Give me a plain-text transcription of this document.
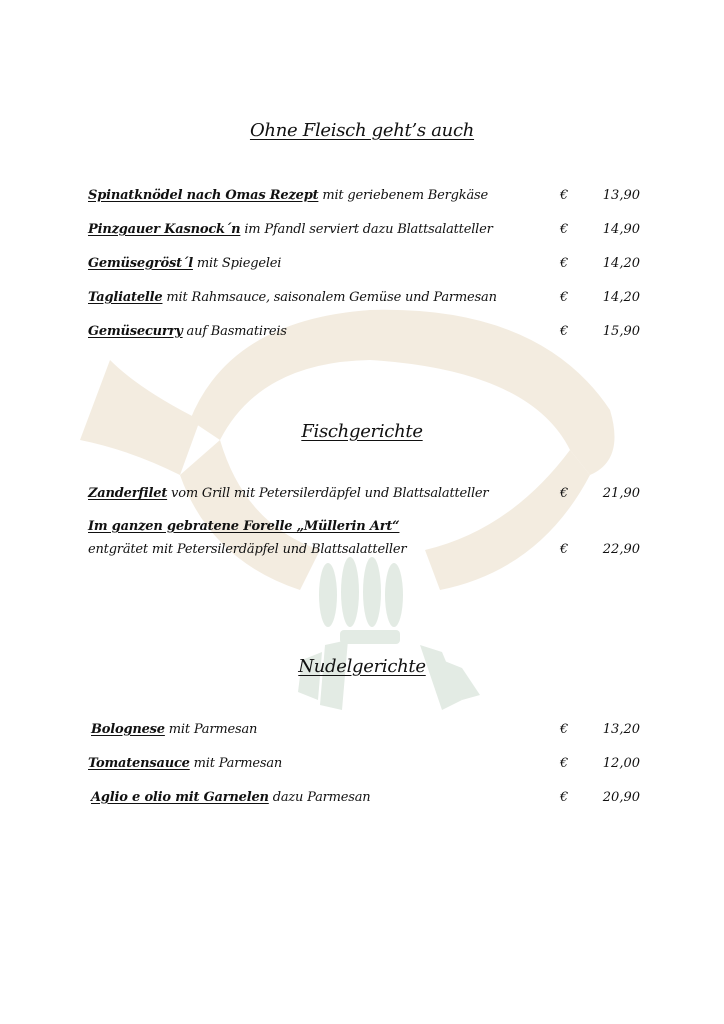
Ohne Fleisch geht’s auch
Spinatknödel nach Omas Rezept mit geriebenem Bergkäse	€	13,90
Pinzgauer Kasnock´n im Pfandl serviert dazu Blattsalatteller	€	14,90
Gemüsegröst´l mit Spiegelei	€	14,20
Tagliatelle mit Rahmsauce, saisonalem Gemüse und Parmesan	€	14,20
Gemüsecurry auf Basmatireis	€	15,90
Fischgerichte
Zanderfilet vom Grill mit Petersilerdäpfel und Blattsalatteller	€	21,90
Im ganzen gebratene Forelle „Müllerin Art“
entgrätet mit Petersilerdäpfel und Blattsalatteller	€	22,90
Nudelgerichte
Bolognese mit Parmesan	€	13,20
Tomatensauce mit Parmesan	€	12,00
Aglio e olio mit Garnelen dazu Parmesan	€	20,90
